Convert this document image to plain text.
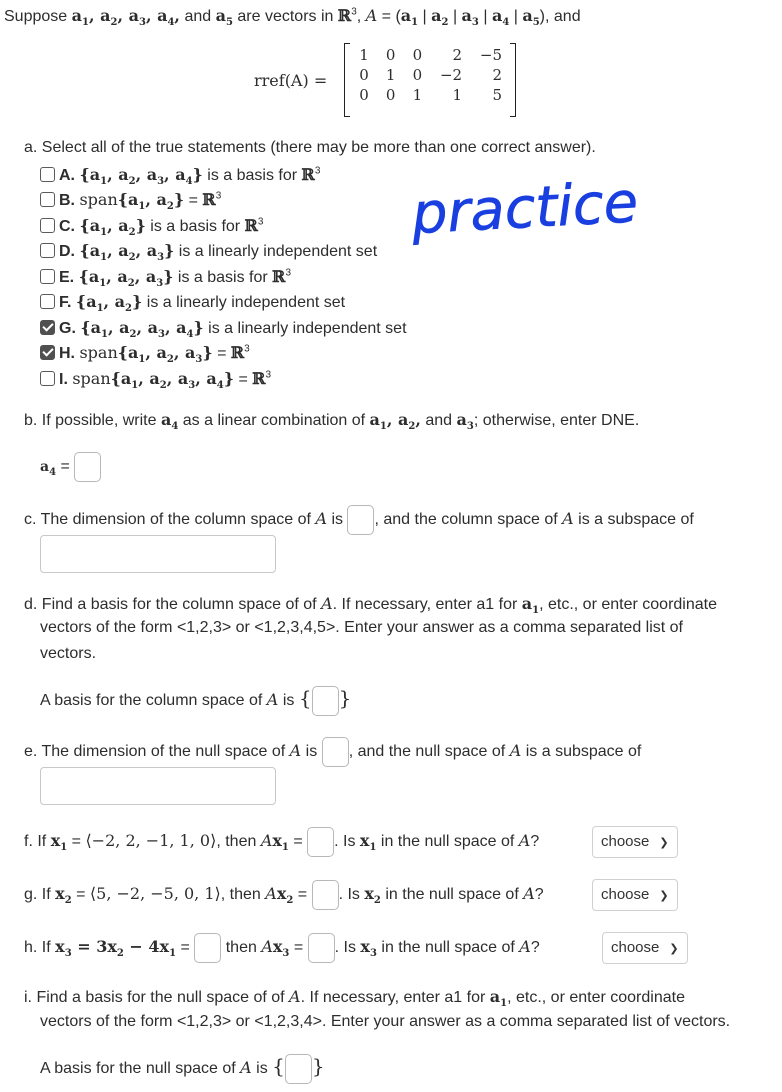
Suppose $a_1$, $a_2$, $a_3$, $a_4$, and $a_5$ are vectors in ℝ$^3$, $A = (a_1$ | $a_2$ | $a_3$ | $a_4$ | $a_5$), and
rref(A) =
1	0	0	2	−5
0	1	0	−2	2
0	0	1	1	5
practice
a. Select all of the true statements (there may be more than one correct answer).
A. {$a_1$, $a_2$, $a_3$, $a_4$} is a basis for ℝ$^3$
B. $span\{a_1$, $a_2$} = ℝ$^3$
C. {$a_1$, $a_2$} is a basis for ℝ$^3$
D. {$a_1$, $a_2$, $a_3$} is a linearly independent set
E. {$a_1$, $a_2$, $a_3$} is a basis for ℝ$^3$
F. {$a_1$, $a_2$} is a linearly independent set
G. {$a_1$, $a_2$, $a_3$, $a_4$} is a linearly independent set
H. $span\{a_1$, $a_2$, $a_3$} = ℝ$^3$
I. $span\{a_1$, $a_2$, $a_3$, $a_4$} = ℝ$^3$
b. If possible, write $a_4$ as a linear combination of $a_1$, $a_2$, and $a_3$; otherwise, enter DNE.
$a_4$ =
c. The dimension of the column space of A is , and the column space of A is a subspace of
d. Find a basis for the column space of of A. If necessary, enter a1 for $a_1$, etc., or enter coordinate
vectors of the form <1,2,3> or <1,2,3,4,5>. Enter your answer as a comma separated list of
vectors.
A basis for the column space of A is { }
e. The dimension of the null space of A is , and the null space of A is a subspace of
f. If $x_1$ = ⟨−2, 2, −1, 1, 0⟩, then $Ax_1$ = . Is $x_1$ in the null space of A?	choose ❯
g. If $x_2$ = ⟨5, −2, −5, 0, 1⟩, then $Ax_2$ = . Is $x_2$ in the null space of A?	choose ❯
h. If $x_3 = 3x_2 - 4x_1$ =  then $Ax_3$ = . Is $x_3$ in the null space of A?	choose ❯
i. Find a basis for the null space of of A. If necessary, enter a1 for $a_1$, etc., or enter coordinate
vectors of the form <1,2,3> or <1,2,3,4>. Enter your answer as a comma separated list of vectors.
A basis for the null space of A is { }
